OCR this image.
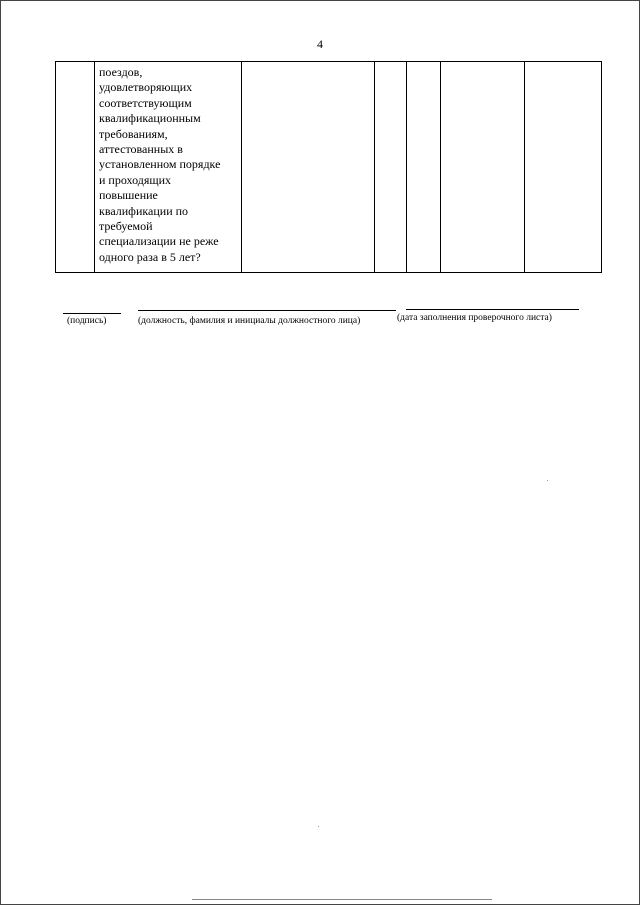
4

поездов,
удовлетворяющих
соответствующим
квалификационным
требованиям,
аттестованных в
установленном порядке
и проходящих
повышение
квалификации по
требуемой
специализации не реже
одного раза в 5 лет?

(подпись)	(должность, фамилия и инициалы должностного лица)	(дата заполнения проверочного листа)
